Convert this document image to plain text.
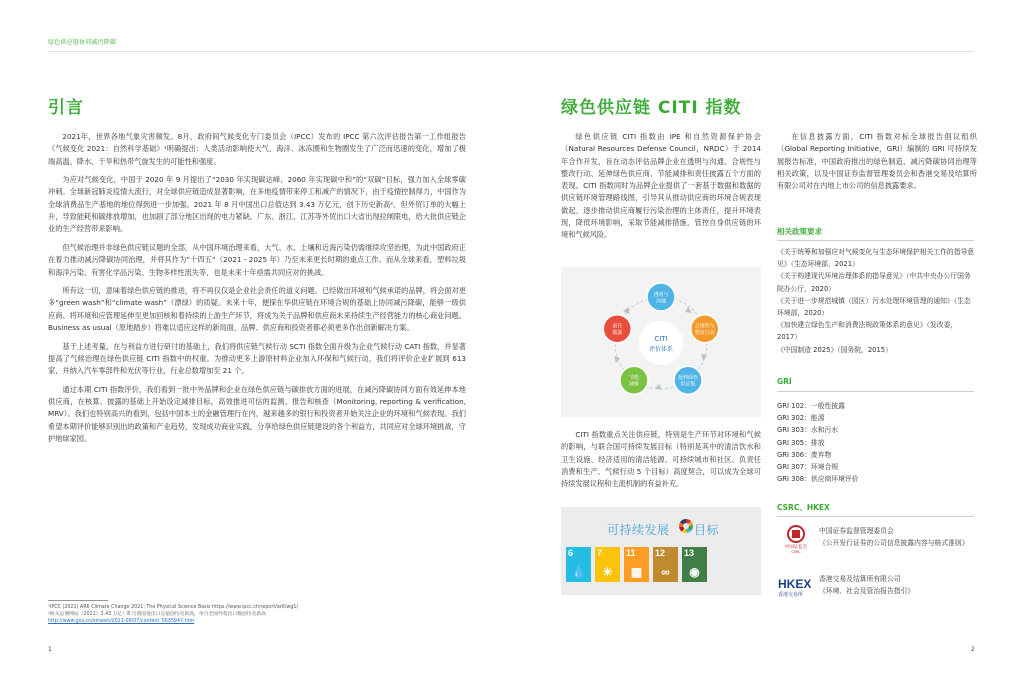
绿色供应链协同减污降碳
引言

2021年，世界各地气象灾害频发。8月，政府间气候变化专门委员会（IPCC）发布的 IPCC 第六次评估报告第一工作组报告《气候变化 2021：自然科学基础》¹明确提出：人类活动影响使大气、海洋、冰冻圈和生物圈发生了广泛而迅速的变化，增加了极端高温、降水、干旱和热带气旋发生的可能性和强度。

为应对气候变化，中国于 2020 年 9 月提出了“2030 年实现碳达峰、2060 年实现碳中和”的“双碳”目标，强力加入全球零碳冲刺。全球新冠肺炎疫情大流行，对全球供应链造成显著影响，在多地疫情带来停工和减产的情况下，由于疫情控制得力，中国作为全球消费品生产基地的地位得到进一步加强。2021 年 8 月中国出口总值达到 3.43 万亿元，创下历史新高²。但外贸订单的大幅上升，导致能耗和碳排放增加，也加剧了部分地区出现的电力紧缺。广东、浙江、江苏等外贸出口大省出现拉闸限电，给大批供应链企业的生产经营带来影响。

但气候治理并非绿色供应链议题的全部，从中国环境治理来看，大气、水、土壤和近海污染仍需继续攻坚治理，为此中国政府正在着力推动减污降碳协同治理，并将其作为“十四五”（2021 - 2025 年）乃至未来更长时期的重点工作。而从全球来看，塑料垃圾和海洋污染、有害化学品污染、生物多样性流失等，也是未来十年亟需共同应对的挑战。

所有这一切，意味着绿色供应链的推进，将不再仅仅是企业社会责任的道义问题。已经做出环境和气候承诺的品牌，将会面对更多“green wash”和“climate wash”（漂绿）的质疑。未来十年，便探在华供应链在环境合规的基础上协同减污降碳，能够一级供应商、将环境和应管理延伸至更加回核和着持续的上游生产环节，将成为关于品牌和供应商未来持续生产经营能力的核心商业问题。Business as usual（原地踏步）将难以适应这样的新局面，品牌、供应商和投资者都必须更多作出创新解决方案。

基于上述考量，在与利益方进行研讨的基础上，我们将供应链气候行动 SCTI 指数全面升级为企业气候行动 CATI 指数，并显著提高了气候治理在绿色供应链 CITI 指数中的权重。为推动更多上游原材料企业加入环保和气候行动，我们将评价企业扩展到 613 家，并纳入汽车零部件和光伏等行业，行业总数增加至 21 个。

通过本期 CITI 指数评价，我们看到一批中外品牌和企业在绿色供应链与碳排放方面的进展，在减污降碳协同方面有效延伸本地供应商，在核算、披露的基础上开始设定减排目标，高效推进可信的监测、报告和核查（Monitoring, reporting & verification, MRV）。我们也特别高兴的看到，包括中国本土的金融管理行在内，越来越多的银行和投资者开始关注企业的环境和气候表现。我们希望本期评价能够识别出的政策和产业趋势，发现成功商业实践，分享给绿色供应链建设的各个利益方，共同应对全球环境挑战，守护地球家园。

¹IPCC (2021) AR6 Climate Change 2021: The Physical Science Basis https://www.ipcc.ch/report/ar6/wg1/
²海关总署网站（2021）3.43 万亿！8 月我国进出口总值创历史新高，单月全国外贸出口数创历史新高
http://www.gov.cn/xinwen/2021-09/07/content_5635947.htm
1
绿色供应链 CITI 指数

绿色供应链 CITI 指数由 IPE 和自然资源保护协会（Natural Resources Defense Council，NRDC）于 2014 年合作开发，旨在动态评估品牌企业在透明与沟通、合规性与整改行动、延伸绿色供应商、节能减排和责任披露五个方面的表现。CITI 指数同时为品牌企业提供了一套基于数据和数据的供应链环境管理路线图，引导其从推动供应商的环境合规表现做起，逐步推动供应商履行污染治理的主体责任，提升环境表现，降低环境影响，采取节能减排措施，管控自身供应链的环境和气候风险。

CITI
评价体系
透明与
沟通
合规性与
整改行动
延伸绿色
供应链
节能
减排
责任
披露

CITI 指数重点关注供应链，特别是生产环节对环境和气候的影响，与联合国可持续发展目标（特别是其中的清洁饮水和卫生设施、经济适用的清洁能源、可持续城市和社区、负责任消费和生产、气候行动 5 个目标）高度契合，可以成为全球可持续发展议程和主流机制的有益补充。

可持续发展 目标
6
💧
7
☀
11
▦
12
∞
13
◉

在信息披露方面，CITI 指数对标全球报告倡议组织（Global Reporting Initiative，GRI）编制的 GRI 可持续发展报告标准，中国政府推出的绿色制造、减污降碳协同治理等相关政策，以及中国证券监督管理委员会和香港交易及结算所有限公司对在内地上市公司的信息披露要求。

相关政策要求
《关于统筹和加强应对气候变化与生态环境保护相关工作的指导意见》（生态环境部，2021）
《关于构建现代环境治理体系的指导意见》（中共中央办公厅国务院办公厅，2020）
《关于进一步规范城镇（园区）污水处理环境管理的通知》（生态环境部，2020）
《加快建立绿色生产和消费法规政策体系的意见》（发改委，2017）
《中国制造 2025》（国务院，2015）
GRI
GRI 102：一般性披露
GRI 302：能源
GRI 303：水和污水
GRI 305：排放
GRI 306：废弃物
GRI 307：环境合规
GRI 308：供应商环境评价
CSRC、HKEX
中国证监会
CSRC
中国证券监督管理委员会
《公开发行证券的公司信息披露内容与格式准则》
HKEX
香港交易所
香港交易及结算所有限公司
《环境、社会及管治报告指引》
2
